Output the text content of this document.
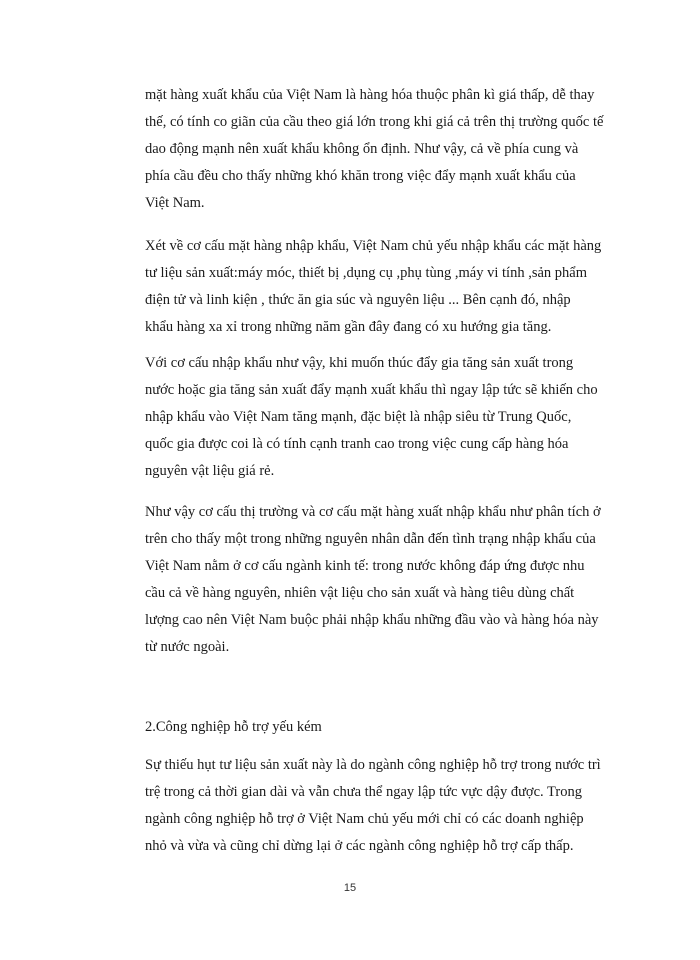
mặt hàng xuất khẩu của Việt Nam là hàng hóa thuộc phân kì giá thấp, dễ thay
thế, có tính co giãn của cầu theo giá lớn trong khi giá cả trên thị trường quốc tế
dao động mạnh nên xuất khẩu không ổn định. Như vậy, cả về phía cung và
phía cầu đều cho thấy những khó khăn trong việc đẩy mạnh xuất khẩu của
Việt Nam.
Xét về cơ cấu mặt hàng nhập khẩu, Việt Nam chủ yếu nhập khẩu các mặt hàng
tư liệu sản xuất:máy móc, thiết bị ,dụng cụ ,phụ tùng ,máy vi tính ,sản phẩm
điện tử và linh kiện , thức ăn gia súc và nguyên liệu ... Bên cạnh đó, nhập
khẩu hàng xa xỉ trong những năm gần đây đang có xu hướng gia tăng.
Với cơ cấu nhập khẩu như vậy, khi muốn thúc đẩy gia tăng sản xuất trong
nước hoặc gia tăng sản xuất đẩy mạnh xuất khẩu thì ngay lập tức sẽ khiến cho
nhập khẩu vào Việt Nam tăng mạnh, đặc biệt là nhập siêu từ Trung Quốc,
quốc gia được coi là có tính cạnh tranh cao trong việc cung cấp hàng hóa
nguyên vật liệu giá rẻ.
Như vậy cơ cấu thị trường và cơ cấu mặt hàng xuất nhập khẩu như phân tích ở
trên cho thấy một trong những nguyên nhân dẫn đến tình trạng nhập khẩu của
Việt Nam nằm ở cơ cấu ngành kinh tế: trong nước không đáp ứng được nhu
cầu cả về hàng nguyên, nhiên vật liệu cho sản xuất và hàng tiêu dùng chất
lượng cao nên Việt Nam buộc phải nhập khẩu những đầu vào và hàng hóa này
từ nước ngoài.
2.Công nghiệp hỗ trợ yếu kém
Sự thiếu hụt tư liệu sản xuất này là do ngành công nghiệp hỗ trợ trong nước trì
trệ trong cả thời gian dài và vẫn chưa thể ngay lập tức vực dậy được. Trong
ngành công nghiệp hỗ trợ ở Việt Nam chủ yếu mới chỉ có các doanh nghiệp
nhỏ và vừa và cũng chỉ dừng lại ở các ngành công nghiệp hỗ trợ cấp thấp.
15
